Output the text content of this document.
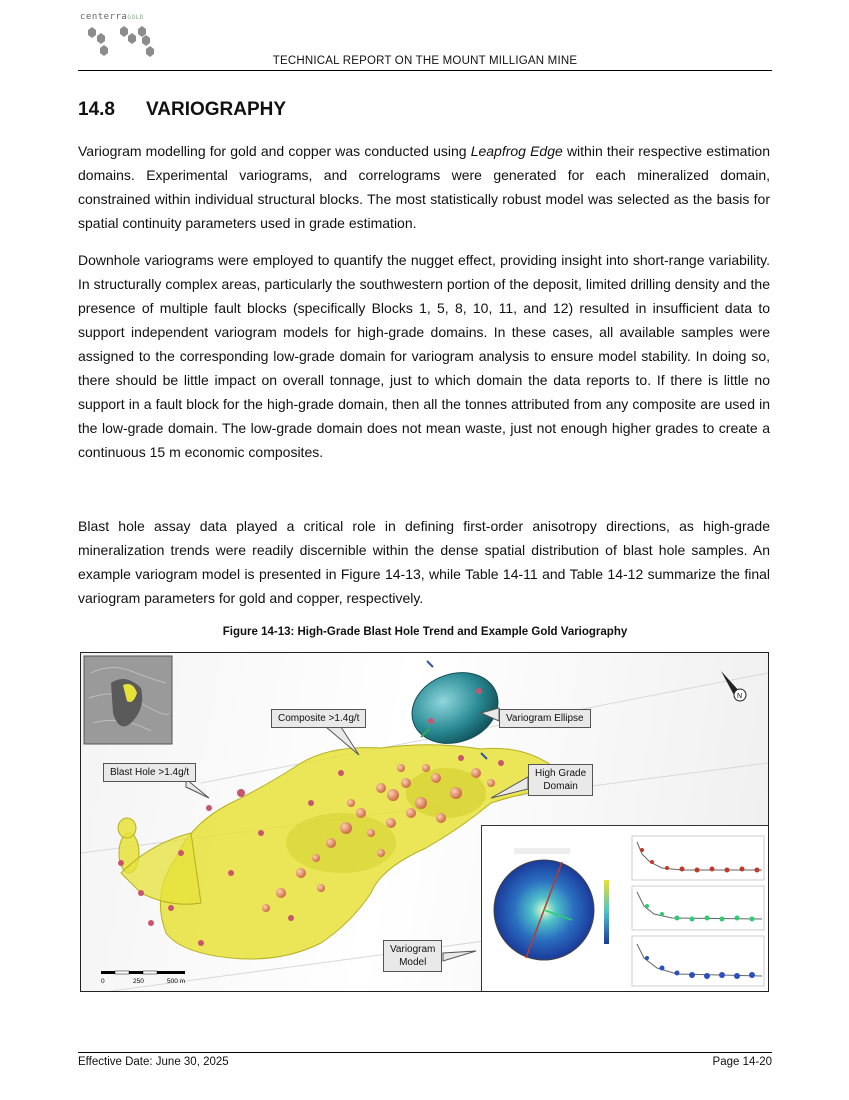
centerraGOLD
TECHNICAL REPORT ON THE MOUNT MILLIGAN MINE
14.8 VARIOGRAPHY

Variogram modelling for gold and copper was conducted using Leapfrog Edge within their respective estimation domains. Experimental variograms, and correlograms were generated for each mineralized domain, constrained within individual structural blocks. The most statistically robust model was selected as the basis for spatial continuity parameters used in grade estimation.

Downhole variograms were employed to quantify the nugget effect, providing insight into short-range variability. In structurally complex areas, particularly the southwestern portion of the deposit, limited drilling density and the presence of multiple fault blocks (specifically Blocks 1, 5, 8, 10, 11, and 12) resulted in insufficient data to support independent variogram models for high-grade domains. In these cases, all available samples were assigned to the corresponding low-grade domain for variogram analysis to ensure model stability. In doing so, there should be little impact on overall tonnage, just to which domain the data reports to. If there is little no support in a fault block for the high-grade domain, then all the tonnes attributed from any composite are used in the low-grade domain. The low-grade domain does not mean waste, just not enough higher grades to create a continuous 15 m economic composites.

Blast hole assay data played a critical role in defining first-order anisotropy directions, as high-grade mineralization trends were readily discernible within the dense spatial distribution of blast hole samples. An example variogram model is presented in Figure 14-13, while Table 14-11 and Table 14-12 summarize the final variogram parameters for gold and copper, respectively.

Figure 14-13: High-Grade Blast Hole Trend and Example Gold Variography
N
0	250	500 m
Composite >1.4g/t	Variogram Ellipse
Blast Hole >1.4g/t	High Grade
Domain
Variogram
Model
Effective Date: June 30, 2025	Page 14-20
